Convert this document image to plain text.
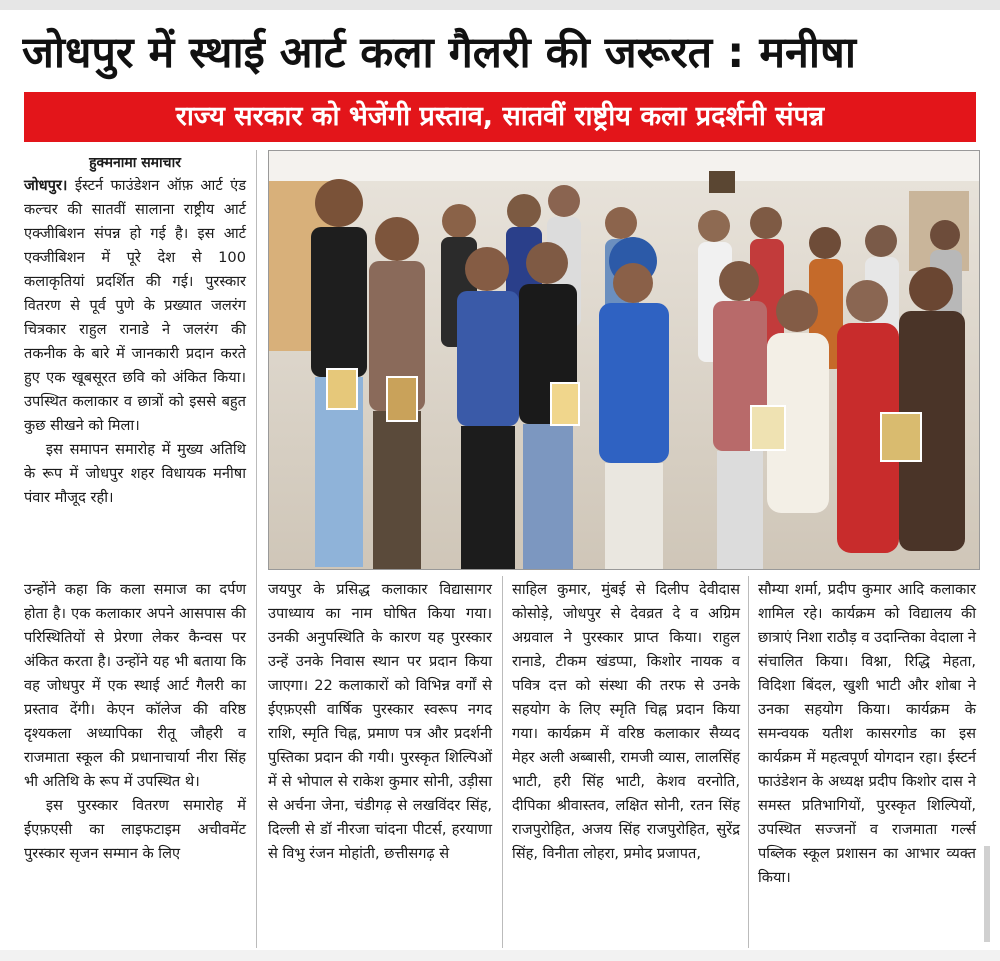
जोधपुर में स्थाई आर्ट कला गैलरी की जरूरत : मनीषा
राज्य सरकार को भेजेंगी प्रस्ताव, सातवीं राष्ट्रीय कला प्रदर्शनी संपन्न
हुक्मनामा समाचार

जोधपुर। ईस्टर्न फाउंडेशन ऑफ़ आर्ट एंड कल्चर की सातवीं सालाना राष्ट्रीय आर्ट एक्जीबिशन संपन्न हो गई है। इस आर्ट एक्जीबिशन में पूरे देश से 100 कलाकृतियां प्रदर्शित की गई। पुरस्कार वितरण से पूर्व पुणे के प्रख्यात जलरंग चित्रकार राहुल रानाडे ने जलरंग की तकनीक के बारे में जानकारी प्रदान करते हुए एक खूबसूरत छवि को अंकित किया। उपस्थित कलाकार व छात्रों को इससे बहुत कुछ सीखने को मिला।

इस समापन समारोह में मुख्य अतिथि के रूप में जोधपुर शहर विधायक मनीषा पंवार मौजूद रही।

उन्होंने कहा कि कला समाज का दर्पण होता है। एक कलाकार अपने आसपास की परिस्थितियों से प्रेरणा लेकर कैन्वस पर अंकित करता है। उन्होंने यह भी बताया कि वह जोधपुर में एक स्थाई आर्ट गैलरी का प्रस्ताव देंगी। केएन कॉलेज की वरिष्ठ दृश्यकला अध्यापिका रीतू जौहरी व राजमाता स्कूल की प्रधानाचार्या नीरा सिंह भी अतिथि के रूप में उपस्थित थे।

इस पुरस्कार वितरण समारोह में ईएफ़एसी का लाइफटाइम अचीवमेंट पुरस्कार सृजन सम्मान के लिए

जयपुर के प्रसिद्ध कलाकार विद्यासागर उपाध्याय का नाम घोषित किया गया। उनकी अनुपस्थिति के कारण यह पुरस्कार उन्हें उनके निवास स्थान पर प्रदान किया जाएगा। 22 कलाकारों को विभिन्न वर्गों से ईएफ़एसी वार्षिक पुरस्कार स्वरूप नगद राशि, स्मृति चिह्न, प्रमाण पत्र और प्रदर्शनी पुस्तिका प्रदान की गयी। पुरस्कृत शिल्पिओं में से भोपाल से राकेश कुमार सोनी, उड़ीसा से अर्चना जेना, चंडीगढ़ से लखविंदर सिंह, दिल्ली से डॉ नीरजा चांदना पीटर्स, हरयाणा से विभु रंजन मोहांती, छत्तीसगढ़ से
साहिल कुमार, मुंबई से दिलीप देवीदास कोसोड़े, जोधपुर से देवव्रत दे व अग्रिम अग्रवाल ने पुरस्कार प्राप्त किया। राहुल रानाडे, टीकम खंडप्पा, किशोर नायक व पवित्र दत्त को संस्था की तरफ से उनके सहयोग के लिए स्मृति चिह्न प्रदान किया गया। कार्यक्रम में वरिष्ठ कलाकार सैय्यद मेहर अली अब्बासी, रामजी व्यास, लालसिंह भाटी, हरी सिंह भाटी, केशव वरनोति, दीपिका श्रीवास्तव, लक्षित सोनी, रतन सिंह राजपुरोहित, अजय सिंह राजपुरोहित, सुरेंद्र सिंह, विनीता लोहरा, प्रमोद प्रजापत,
सौम्या शर्मा, प्रदीप कुमार आदि कलाकार शामिल रहे। कार्यक्रम को विद्यालय की छात्राएं निशा राठौड़ व उदान्तिका वेदाला ने संचालित किया। विश्ना, रिद्धि मेहता, विदिशा बिंदल, खुशी भाटी और शोबा ने उनका सहयोग किया। कार्यक्रम के समन्वयक यतीश कासरगोड का इस कार्यक्रम में महत्वपूर्ण योगदान रहा। ईस्टर्न फाउंडेशन के अध्यक्ष प्रदीप किशोर दास ने समस्त प्रतिभागियों, पुरस्कृत शिल्पियों, उपस्थित सज्जनों व राजमाता गर्ल्स पब्लिक स्कूल प्रशासन का आभार व्यक्त किया।
